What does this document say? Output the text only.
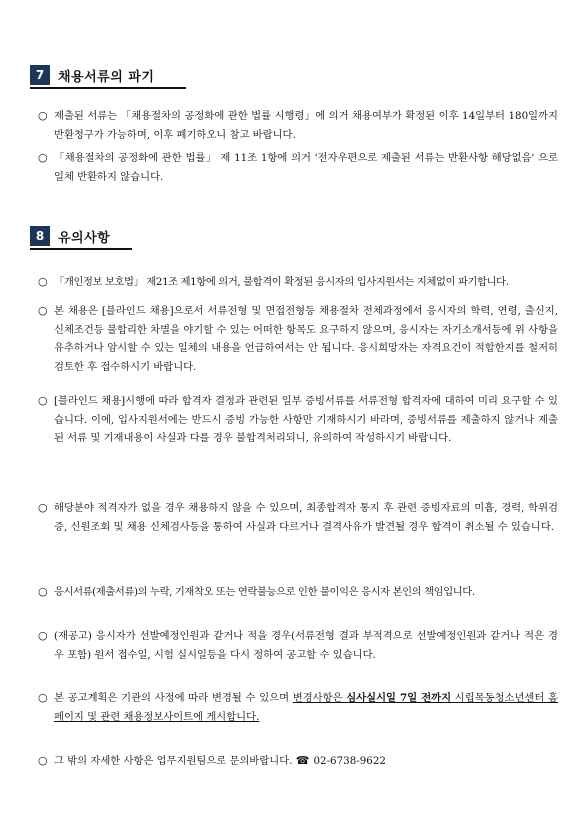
7	채용서류의 파기
○ 제출된 서류는 「채용절차의 공정화에 관한 법률 시행령」에 의거 채용여부가 확정된 이후 14일부터 180일까지 반환청구가 가능하며, 이후 폐기하오니 참고 바랍니다.
○ 「채용절차의 공정화에 관한 법률」 제 11조 1항에 의거 '전자우편으로 제출된 서류는 반환사항 해당없음' 으로 일체 반환하지 않습니다.
8	유의사항
○ 「개인정보 보호법」 제21조 제1항에 의거, 불합격이 확정된 응시자의 입사지원서는 지체없이 파기합니다.
○ 본 채용은 [블라인드 채용]으로서 서류전형 및 면접전형등 채용절차 전체과정에서 응시자의 학력, 연령, 출신지, 신체조건등 불합리한 차별을 야기할 수 있는 어떠한 항목도 요구하지 않으며, 응시자는 자기소개서등에 위 사항을 유추하거나 암시할 수 있는 일체의 내용을 언급하여서는 안 됩니다. 응시희망자는 자격요건이 적합한지를 철저히 검토한 후 접수하시기 바랍니다.
○ [블라인드 채용]시행에 따라 합격자 결정과 관련된 일부 증빙서류를 서류전형 합격자에 대하여 미리 요구할 수 있습니다. 이에, 입사지원서에는 반드시 증빙 가능한 사항만 기재하시기 바라며, 증빙서류를 제출하지 않거나 제출된 서류 및 기재내용이 사실과 다를 경우 불합격처리되니, 유의하여 작성하시기 바랍니다.
○ 해당분야 적격자가 없을 경우 채용하지 않을 수 있으며, 최종합격자 통지 후 관련 증빙자료의 미흡, 경력, 학위검증, 신원조회 및 채용 신체검사등을 통하여 사실과 다르거나 결격사유가 발견될 경우 합격이 취소될 수 있습니다.
○ 응시서류(제출서류)의 누락, 기재착오 또는 연락불능으로 인한 불이익은 응시자 본인의 책임입니다.
○ (재공고) 응시자가 선발예정인원과 같거나 적을 경우(서류전형 결과 부적격으로 선발예정인원과 같거나 적은 경우 포함) 원서 접수일, 시험 실시일등을 다시 정하여 공고할 수 있습니다.
○ 본 공고계획은 기관의 사정에 따라 변경될 수 있으며 변경사항은 심사실시일 7일 전까지 시립목동청소년센터 홈페이지 및 관련 채용정보사이트에 게시합니다.
○ 그 밖의 자세한 사항은 업무지원팀으로 문의바랍니다. ☎ 02-6738-9622
